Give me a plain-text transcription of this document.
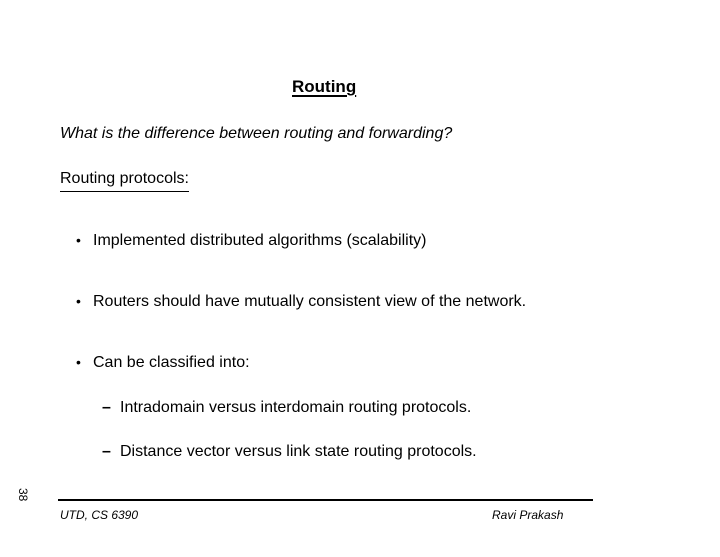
Routing
What is the difference between routing and forwarding?
Routing protocols:
• Implemented distributed algorithms (scalability)
• Routers should have mutually consistent view of the network.
• Can be classified into:
– Intradomain versus interdomain routing protocols.
– Distance vector versus link state routing protocols.
38
UTD, CS 6390	Ravi Prakash
